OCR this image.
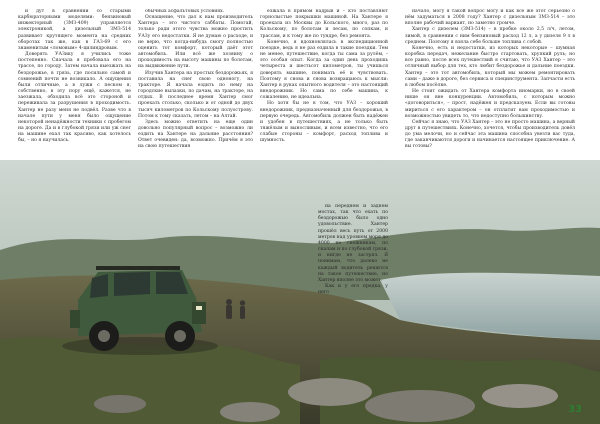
и дут в сравнении со старыми карбюраторными моделями: бензиновый инжекторный (ЗМЗ-409) управляется электроникой, а дизельный ЗМЗ-514 развивает крутящего момента на средних оборотах так же, как в ГАЗ-69 с его знаменитым «ломовым» 4-цилиндровым.

Доверять УАЗику я учились тоже постепенно. Сначала я пробовала его на трассе, по городу. Затем начала выезжать на бездорожье, в грязь, где посильно самой и сомнений почти не возникало. А ощущения были отличные, а в лужи с песком я, собственно, в эту пору ещё, кажется, не заезжала, обходила всё это стороной и переживала за разрушения в проходимость. Хантер не разу меня не подвёл. Разве что в начале пути у меня было ощущение некоторой ненадёжности техники с пробегом на дороге. Да и в глубокой грязи или уж снег на машине ехал так красиво, как хотелось бы, – но я научилась.

обычных асфальтовых условиях.

Оснащение, что дал к нам производитель Хантера – это чистого саббаты. Помогай, только ради этого чувства можно простить УАЗу его недостатки. Я не думаю о расходе, и не верю, что когда-нибудь смогу полностью оценить тот комфорт, который даёт этот автомобиль. Или всё же хозяину о проходимость на высоту машины по болотам, на выдвижение пути.

Изучив Хантера на простых бездорожьях, я поставила на снег свою одноногу, на тракторе. Я начала ездить по нему на городские вылазки, по дачам, на тракторе, на отдых. В последнее время Хантер смог проехать столько, сколько и от одной до двух тысяч километров по Кольскому полуострову. Потом к тому сказать, летом – на Алтай.

Здесь можно ответить на еще один довольно популярный вопрос – возможно ли ездить на Хантере на дальние расстояния? Ответ очевиден: да, возможно. Причём я это на свою путешествия

езжала в прямом надрыв и – кто поставляют горнолыстые покрышки машиной. На Хантере я проехала из Москвы до Кольского, много, раз по Кольскому, по болотам и лесам, по сопкам, и трассам, и к тому же по тундре, без ремонта.

Конечно, я вдохновлялась в экспедиционной поездке, ведь я не раз ездила в такие поездки. Тем не менее, путешествие, когда ты сама за рулём, – это особая опыт. Когда за один день проходишь четыреста и шестьсот километров, ты учишься доверять машине, понимать её и чувствовать. Поэтому я снова и снова возвращаюсь к мысли: Хантер в руках опытного водителя – это настоящий внедорожник. Но сама по себе машина, к сожалению, не идеальна.

Но хотя бы не в том, что УАЗ – хороший внедорожник, предназначенный для бездорожья, в первую очередь. Автомобиль должен быть надёжен и удобен в путешествиях, а не только быть тяжёлым и выносливым, и всем известно, что его слабые стороны – комфорт, расход топлива и шумность.

начало, могу я такой вопрос могу и как все же этот серьёзно о нём задуматься в 2008 году? Хантер с дизельным ЗМЗ-514 – это вполне рабочий вариант, но заметно громче.

Хантер с дизелем (ЗМЗ-514) – в пробке около 2,5 л/ч, летом, зимой, в сравнении с ним бензиновый расход 12 л, а у дизеля 9 л в среднем. Поэтому я взяла себе больше топлива с собой.

Конечно, есть и недостатки, из которых некоторые – шумная коробка передач, нежелание быстро стартовать, хрупкий руль; но все равно, после всех путешествий я считаю, что УАЗ Хантер – это отличный выбор для тех, кто любит бездорожье и дальние поездки. Хантер – это тот автомобиль, который мы можем ремонтировать сами – даже в дороге, без сервиса и специнструмента. Запчасти есть в любом посёлке.

Не стоит ожидать от Хантера комфорта иномарки, но в своей нише он вне конкуренции. Автомобиль, с которым можно «договориться», – прост, надёжен и предсказуем. Если вы готовы мириться с его характером – он отплатит вам проходимостью и возможностью увидеть то, что недоступно большинству.

Сейчас я знаю, что УАЗ Хантер – это не просто машина, а верный друг в путешествиях. Конечно, хочется, чтобы производитель довёл до ума мелочи, но и сейчас эта машина способна увезти вас туда, где заканчиваются дороги и начинается настоящее приключение. А вы готовы?

на переднем и заднем мостах, так что ехать по бездорожью было одно удовольствие. Хантер прошёл весь путь от 2000 метров над уровнем моря до 4000 по снежникам, по скалам и по глубокой грязи, и нигде не застрял. Я понимаю, что далеко не каждый водитель решится на такое путешествие, но Хантер вполне это может.

Как и у его предка, у него

33
